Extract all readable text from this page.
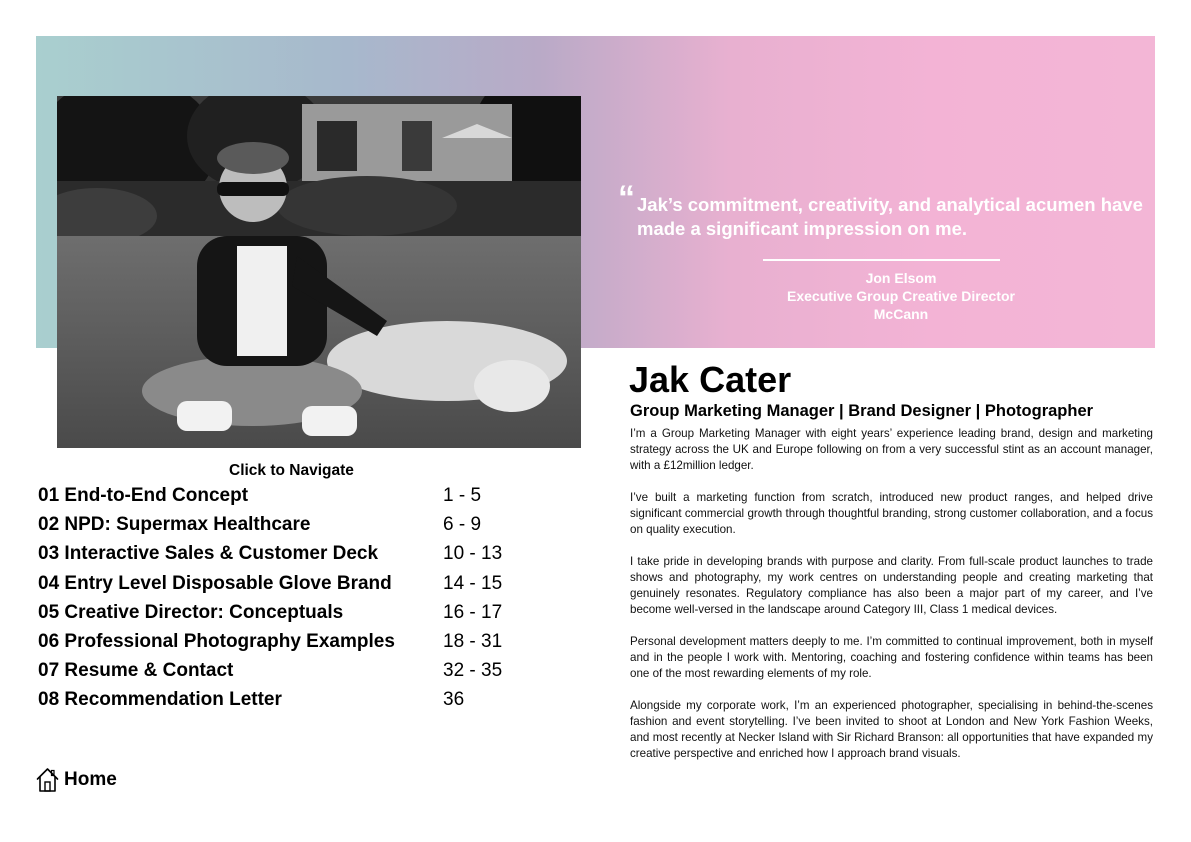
“ Jak’s commitment, creativity, and analytical acumen have made a significant impression on me.
Jon Elsom
Executive Group Creative Director
McCann
Jak Cater
Group Marketing Manager | Brand Designer | Photographer

I’m a Group Marketing Manager with eight years’ experience leading brand, design and marketing strategy across the UK and Europe following on from a very successful stint as an account manager, with a £12million ledger.

I’ve built a marketing function from scratch, introduced new product ranges, and helped drive significant commercial growth through thoughtful branding, strong customer collaboration, and a focus on quality execution.

I take pride in developing brands with purpose and clarity. From full-scale product launches to trade shows and photography, my work centres on understanding people and creating marketing that genuinely resonates. Regulatory compliance has also been a major part of my career, and I’ve become well-versed in the landscape around Category III, Class 1 medical devices.

Personal development matters deeply to me. I’m committed to continual improvement, both in myself and in the people I work with. Mentoring, coaching and fostering confidence within teams has been one of the most rewarding elements of my role.

Alongside my corporate work, I’m an experienced photographer, specialising in behind-the-scenes fashion and event storytelling. I’ve been invited to shoot at London and New York Fashion Weeks, and most recently at Necker Island with Sir Richard Branson: all opportunities that have expanded my creative perspective and enriched how I approach brand visuals.

Click to Navigate
01 End-to-End Concept	1 - 5
02 NPD: Supermax Healthcare	6 - 9
03 Interactive Sales & Customer Deck	10 - 13
04 Entry Level Disposable Glove Brand	14 - 15
05 Creative Director: Conceptuals	16 - 17
06 Professional Photography Examples	18 - 31
07 Resume & Contact	32 - 35
08 Recommendation Letter	36
Home
